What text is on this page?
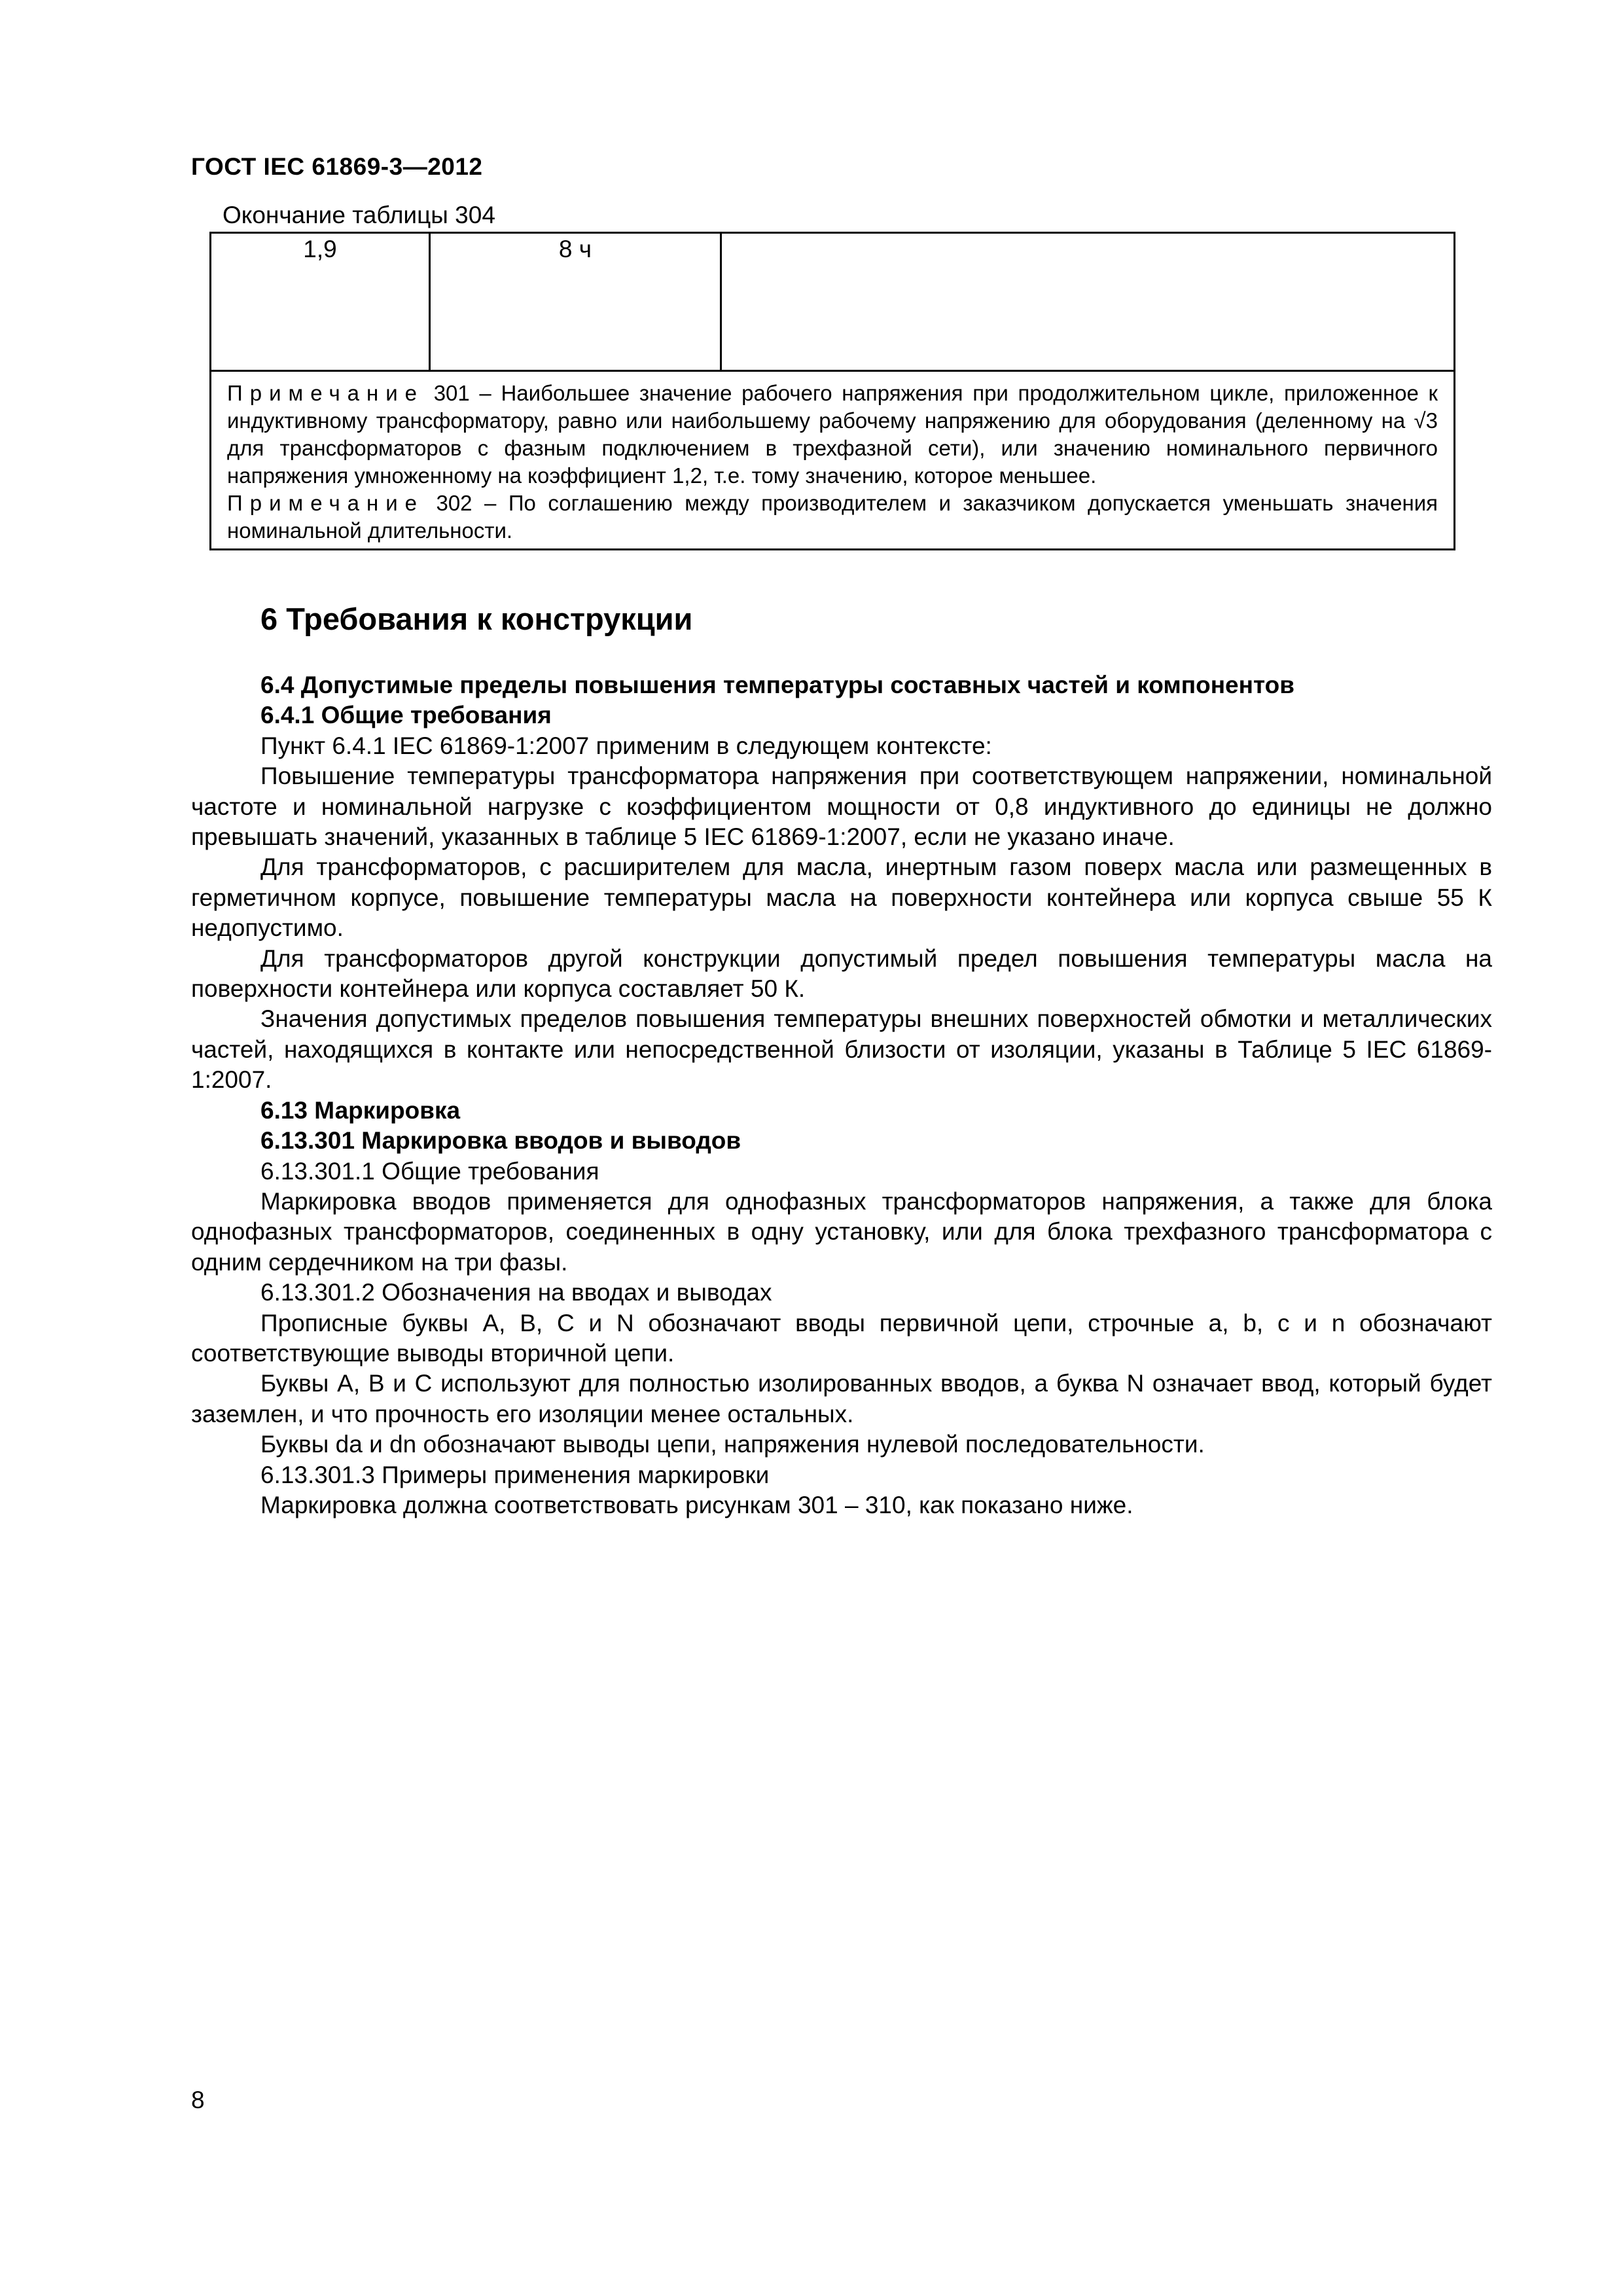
ГОСТ IEC 61869-3—2012
Окончание таблицы 304
1,9	8 ч

Примечание 301 – Наибольшее значение рабочего напряжения при продолжительном цикле, приложенное к индуктивному трансформатору, равно или наибольшему рабочему напряжению для оборудования (деленному на √3 для трансформаторов с фазным подключением в трехфазной сети), или значению номинального первичного напряжения умноженному на коэффициент 1,2, т.е. тому значению, которое меньшее.
Примечание 302 – По соглашению между производителем и заказчиком допускается уменьшать значения номинальной длительности.
6 Требования к конструкции

6.4 Допустимые пределы повышения температуры составных частей и компонентов

6.4.1 Общие требования

Пункт 6.4.1 IEC 61869-1:2007 применим в следующем контексте:

Повышение температуры трансформатора напряжения при соответствующем напряжении, номинальной частоте и номинальной нагрузке с коэффициентом мощности от 0,8 индуктивного до единицы не должно превышать значений, указанных в таблице 5 IEC 61869-1:2007, если не указано иначе.

Для трансформаторов, с расширителем для масла, инертным газом поверх масла или размещенных в герметичном корпусе, повышение температуры масла на поверхности контейнера или корпуса свыше 55 К недопустимо.

Для трансформаторов другой конструкции допустимый предел повышения температуры масла на поверхности контейнера или корпуса составляет 50 К.

Значения допустимых пределов повышения температуры внешних поверхностей обмотки и металлических частей, находящихся в контакте или непосредственной близости от изоляции, указаны в Таблице 5 IEC 61869-1:2007.

6.13 Маркировка

6.13.301 Маркировка вводов и выводов

6.13.301.1 Общие требования

Маркировка вводов применяется для однофазных трансформаторов напряжения, а также для блока однофазных трансформаторов, соединенных в одну установку, или для блока трехфазного трансформатора с одним сердечником на три фазы.

6.13.301.2 Обозначения на вводах и выводах

Прописные буквы А, В, С и N обозначают вводы первичной цепи, строчные a, b, c и n обозначают соответствующие выводы вторичной цепи.

Буквы А, В и С используют для полностью изолированных вводов, а буква N означает ввод, который будет заземлен, и что прочность его изоляции менее остальных.

Буквы da и dn обозначают выводы цепи, напряжения нулевой последовательности.

6.13.301.3 Примеры применения маркировки

Маркировка должна соответствовать рисункам 301 – 310, как показано ниже.

8
